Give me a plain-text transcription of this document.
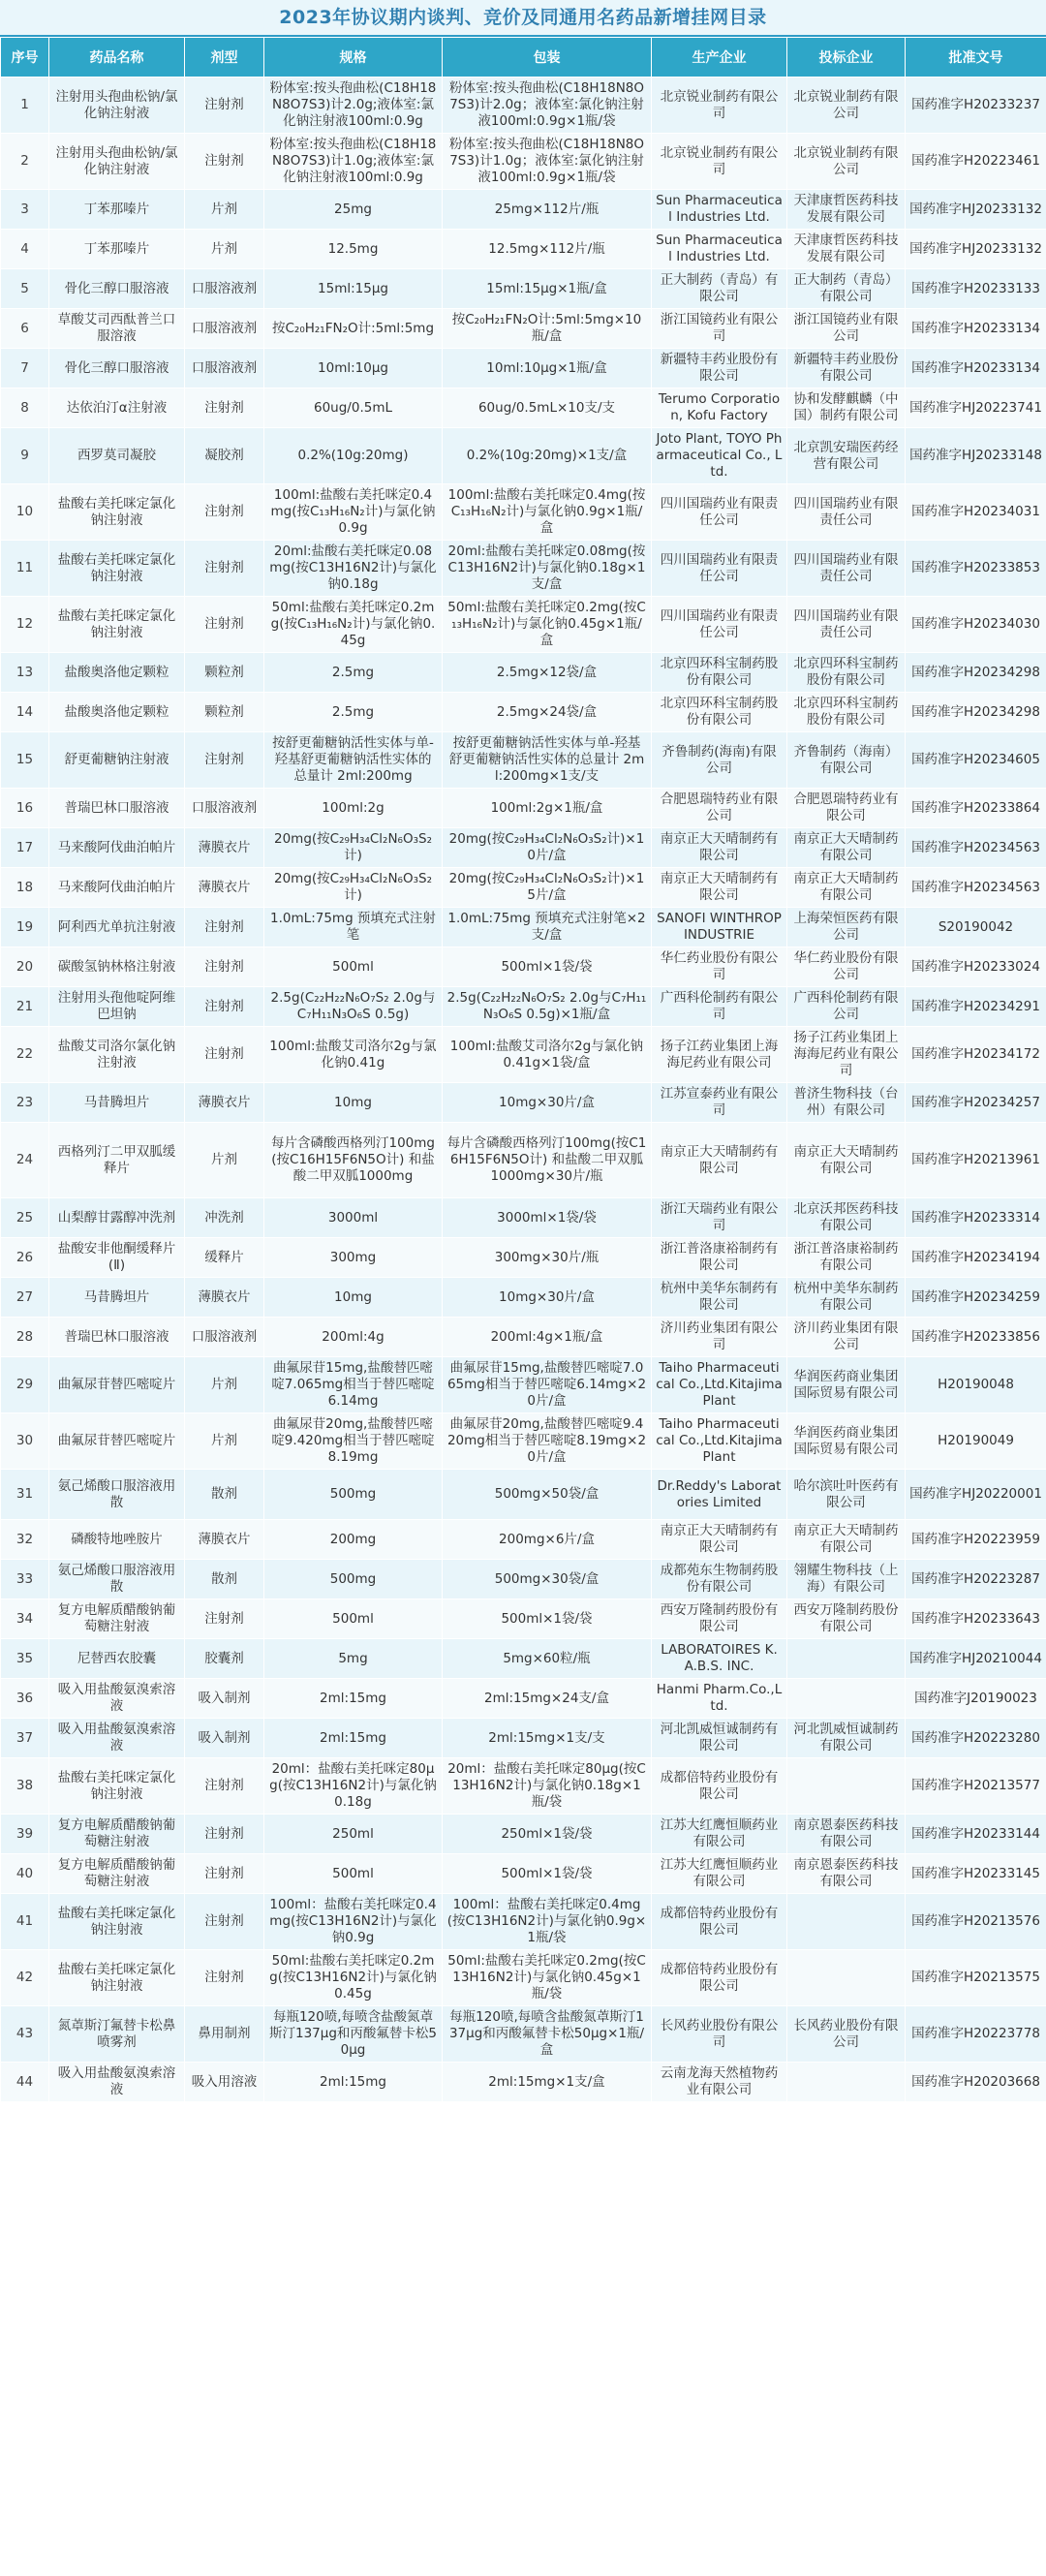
2023年协议期内谈判、竞价及同通用名药品新增挂网目录
序号	药品名称	剂型	规格	包装	生产企业	投标企业	批准文号
1	注射用头孢曲松钠/氯化钠注射液	注射剂	粉体室:按头孢曲松(C18H18N8O7S3)计2.0g;液体室:氯化钠注射液100ml:0.9g	粉体室:按头孢曲松(C18H18N8O7S3)计2.0g；液体室:氯化钠注射液100ml:0.9g×1瓶/袋	北京锐业制药有限公司	北京锐业制药有限公司	国药准字H20233237
2	注射用头孢曲松钠/氯化钠注射液	注射剂	粉体室:按头孢曲松(C18H18N8O7S3)计1.0g;液体室:氯化钠注射液100ml:0.9g	粉体室:按头孢曲松(C18H18N8O7S3)计1.0g；液体室:氯化钠注射液100ml:0.9g×1瓶/袋	北京锐业制药有限公司	北京锐业制药有限公司	国药准字H20223461
3	丁苯那嗪片	片剂	25mg	25mg×112片/瓶	Sun Pharmaceutical Industries Ltd.	天津康哲医药科技发展有限公司	国药准字HJ20233132
4	丁苯那嗪片	片剂	12.5mg	12.5mg×112片/瓶	Sun Pharmaceutical Industries Ltd.	天津康哲医药科技发展有限公司	国药准字HJ20233132
5	骨化三醇口服溶液	口服溶液剂	15ml:15μg	15ml:15μg×1瓶/盒	正大制药（青岛）有限公司	正大制药（青岛）有限公司	国药准字H20233133
6	草酸艾司西酞普兰口服溶液	口服溶液剂	按C₂₀H₂₁FN₂O计:5ml:5mg	按C₂₀H₂₁FN₂O计:5ml:5mg×10瓶/盒	浙江国镜药业有限公司	浙江国镜药业有限公司	国药准字H20233134
7	骨化三醇口服溶液	口服溶液剂	10ml:10μg	10ml:10μg×1瓶/盒	新疆特丰药业股份有限公司	新疆特丰药业股份有限公司	国药准字H20233134
8	达依泊汀α注射液	注射剂	60ug/0.5mL	60ug/0.5mL×10支/支	Terumo Corporation, Kofu Factory	协和发酵麒麟（中国）制药有限公司	国药准字HJ20223741
9	西罗莫司凝胶	凝胶剂	0.2%(10g:20mg)	0.2%(10g:20mg)×1支/盒	Joto Plant, TOYO Pharmaceutical Co., Ltd.	北京凯安瑞医药经营有限公司	国药准字HJ20233148
10	盐酸右美托咪定氯化钠注射液	注射剂	100ml:盐酸右美托咪定0.4mg(按C₁₃H₁₆N₂计)与氯化钠0.9g	100ml:盐酸右美托咪定0.4mg(按C₁₃H₁₆N₂计)与氯化钠0.9g×1瓶/盒	四川国瑞药业有限责任公司	四川国瑞药业有限责任公司	国药准字H20234031
11	盐酸右美托咪定氯化钠注射液	注射剂	20ml:盐酸右美托咪定0.08mg(按C13H16N2计)与氯化钠0.18g	20ml:盐酸右美托咪定0.08mg(按C13H16N2计)与氯化钠0.18g×1支/盒	四川国瑞药业有限责任公司	四川国瑞药业有限责任公司	国药准字H20233853
12	盐酸右美托咪定氯化钠注射液	注射剂	50ml:盐酸右美托咪定0.2mg(按C₁₃H₁₆N₂计)与氯化钠0.45g	50ml:盐酸右美托咪定0.2mg(按C₁₃H₁₆N₂计)与氯化钠0.45g×1瓶/盒	四川国瑞药业有限责任公司	四川国瑞药业有限责任公司	国药准字H20234030
13	盐酸奥洛他定颗粒	颗粒剂	2.5mg	2.5mg×12袋/盒	北京四环科宝制药股份有限公司	北京四环科宝制药股份有限公司	国药准字H20234298
14	盐酸奥洛他定颗粒	颗粒剂	2.5mg	2.5mg×24袋/盒	北京四环科宝制药股份有限公司	北京四环科宝制药股份有限公司	国药准字H20234298
15	舒更葡糖钠注射液	注射剂	按舒更葡糖钠活性实体与单-羟基舒更葡糖钠活性实体的总量计 2ml:200mg	按舒更葡糖钠活性实体与单-羟基舒更葡糖钠活性实体的总量计 2ml:200mg×1支/支	齐鲁制药(海南)有限公司	齐鲁制药（海南）有限公司	国药准字H20234605
16	普瑞巴林口服溶液	口服溶液剂	100ml:2g	100ml:2g×1瓶/盒	合肥恩瑞特药业有限公司	合肥恩瑞特药业有限公司	国药准字H20233864
17	马来酸阿伐曲泊帕片	薄膜衣片	20mg(按C₂₉H₃₄Cl₂N₆O₃S₂计)	20mg(按C₂₉H₃₄Cl₂N₆O₃S₂计)×10片/盒	南京正大天晴制药有限公司	南京正大天晴制药有限公司	国药准字H20234563
18	马来酸阿伐曲泊帕片	薄膜衣片	20mg(按C₂₉H₃₄Cl₂N₆O₃S₂计)	20mg(按C₂₉H₃₄Cl₂N₆O₃S₂计)×15片/盒	南京正大天晴制药有限公司	南京正大天晴制药有限公司	国药准字H20234563
19	阿利西尤单抗注射液	注射剂	1.0mL:75mg 预填充式注射笔	1.0mL:75mg 预填充式注射笔×2支/盒	SANOFI WINTHROP INDUSTRIE	上海荣恒医药有限公司	S20190042
20	碳酸氢钠林格注射液	注射剂	500ml	500ml×1袋/袋	华仁药业股份有限公司	华仁药业股份有限公司	国药准字H20233024
21	注射用头孢他啶阿维巴坦钠	注射剂	2.5g(C₂₂H₂₂N₆O₇S₂ 2.0g与C₇H₁₁N₃O₆S 0.5g)	2.5g(C₂₂H₂₂N₆O₇S₂ 2.0g与C₇H₁₁N₃O₆S 0.5g)×1瓶/盒	广西科伦制药有限公司	广西科伦制药有限公司	国药准字H20234291
22	盐酸艾司洛尔氯化钠注射液	注射剂	100ml:盐酸艾司洛尔2g与氯化钠0.41g	100ml:盐酸艾司洛尔2g与氯化钠0.41g×1袋/盒	扬子江药业集团上海海尼药业有限公司	扬子江药业集团上海海尼药业有限公司	国药准字H20234172
23	马昔腾坦片	薄膜衣片	10mg	10mg×30片/盒	江苏宣泰药业有限公司	普济生物科技（台州）有限公司	国药准字H20234257
24	西格列汀二甲双胍缓释片	片剂	每片含磷酸西格列汀100mg(按C16H15F6N5O计) 和盐酸二甲双胍1000mg	每片含磷酸西格列汀100mg(按C16H15F6N5O计) 和盐酸二甲双胍1000mg×30片/瓶	南京正大天晴制药有限公司	南京正大天晴制药有限公司	国药准字H20213961
25	山梨醇甘露醇冲洗剂	冲洗剂	3000ml	3000ml×1袋/袋	浙江天瑞药业有限公司	北京沃邦医药科技有限公司	国药准字H20233314
26	盐酸安非他酮缓释片(Ⅱ)	缓释片	300mg	300mg×30片/瓶	浙江普洛康裕制药有限公司	浙江普洛康裕制药有限公司	国药准字H20234194
27	马昔腾坦片	薄膜衣片	10mg	10mg×30片/盒	杭州中美华东制药有限公司	杭州中美华东制药有限公司	国药准字H20234259
28	普瑞巴林口服溶液	口服溶液剂	200ml:4g	200ml:4g×1瓶/盒	济川药业集团有限公司	济川药业集团有限公司	国药准字H20233856
29	曲氟尿苷替匹嘧啶片	片剂	曲氟尿苷15mg,盐酸替匹嘧啶7.065mg相当于替匹嘧啶6.14mg	曲氟尿苷15mg,盐酸替匹嘧啶7.065mg相当于替匹嘧啶6.14mg×20片/盒	Taiho Pharmaceutical Co.,Ltd.Kitajima Plant	华润医药商业集团国际贸易有限公司	H20190048
30	曲氟尿苷替匹嘧啶片	片剂	曲氟尿苷20mg,盐酸替匹嘧啶9.420mg相当于替匹嘧啶8.19mg	曲氟尿苷20mg,盐酸替匹嘧啶9.420mg相当于替匹嘧啶8.19mg×20片/盒	Taiho Pharmaceutical Co.,Ltd.Kitajima Plant	华润医药商业集团国际贸易有限公司	H20190049
31	氨己烯酸口服溶液用散	散剂	500mg	500mg×50袋/盒	Dr.Reddy's Laboratories Limited	哈尔滨吐叶医药有限公司	国药准字HJ20220001
32	磷酸特地唑胺片	薄膜衣片	200mg	200mg×6片/盒	南京正大天晴制药有限公司	南京正大天晴制药有限公司	国药准字H20223959
33	氨己烯酸口服溶液用散	散剂	500mg	500mg×30袋/盒	成都苑东生物制药股份有限公司	翎耀生物科技（上海）有限公司	国药准字H20223287
34	复方电解质醋酸钠葡萄糖注射液	注射剂	500ml	500ml×1袋/袋	西安万隆制药股份有限公司	西安万隆制药股份有限公司	国药准字H20233643
35	尼替西农胶囊	胶囊剂	5mg	5mg×60粒/瓶	LABORATOIRES K.A.B.S. INC.		国药准字HJ20210044
36	吸入用盐酸氨溴索溶液	吸入制剂	2ml:15mg	2ml:15mg×24支/盒	Hanmi Pharm.Co.,Ltd.		国药准字J20190023
37	吸入用盐酸氨溴索溶液	吸入制剂	2ml:15mg	2ml:15mg×1支/支	河北凯威恒诚制药有限公司	河北凯威恒诚制药有限公司	国药准字H20223280
38	盐酸右美托咪定氯化钠注射液	注射剂	20ml：盐酸右美托咪定80μg(按C13H16N2计)与氯化钠0.18g	20ml：盐酸右美托咪定80μg(按C13H16N2计)与氯化钠0.18g×1瓶/袋	成都倍特药业股份有限公司		国药准字H20213577
39	复方电解质醋酸钠葡萄糖注射液	注射剂	250ml	250ml×1袋/袋	江苏大红鹰恒顺药业有限公司	南京恩泰医药科技有限公司	国药准字H20233144
40	复方电解质醋酸钠葡萄糖注射液	注射剂	500ml	500ml×1袋/袋	江苏大红鹰恒顺药业有限公司	南京恩泰医药科技有限公司	国药准字H20233145
41	盐酸右美托咪定氯化钠注射液	注射剂	100ml：盐酸右美托咪定0.4mg(按C13H16N2计)与氯化钠0.9g	100ml：盐酸右美托咪定0.4mg(按C13H16N2计)与氯化钠0.9g×1瓶/袋	成都倍特药业股份有限公司		国药准字H20213576
42	盐酸右美托咪定氯化钠注射液	注射剂	50ml:盐酸右美托咪定0.2mg(按C13H16N2计)与氯化钠0.45g	50ml:盐酸右美托咪定0.2mg(按C13H16N2计)与氯化钠0.45g×1瓶/袋	成都倍特药业股份有限公司		国药准字H20213575
43	氮䓬斯汀氟替卡松鼻喷雾剂	鼻用制剂	每瓶120喷,每喷含盐酸氮䓬斯汀137μg和丙酸氟替卡松50μg	每瓶120喷,每喷含盐酸氮䓬斯汀137μg和丙酸氟替卡松50μg×1瓶/盒	长风药业股份有限公司	长风药业股份有限公司	国药准字H20223778
44	吸入用盐酸氨溴索溶液	吸入用溶液	2ml:15mg	2ml:15mg×1支/盒	云南龙海天然植物药业有限公司		国药准字H20203668
